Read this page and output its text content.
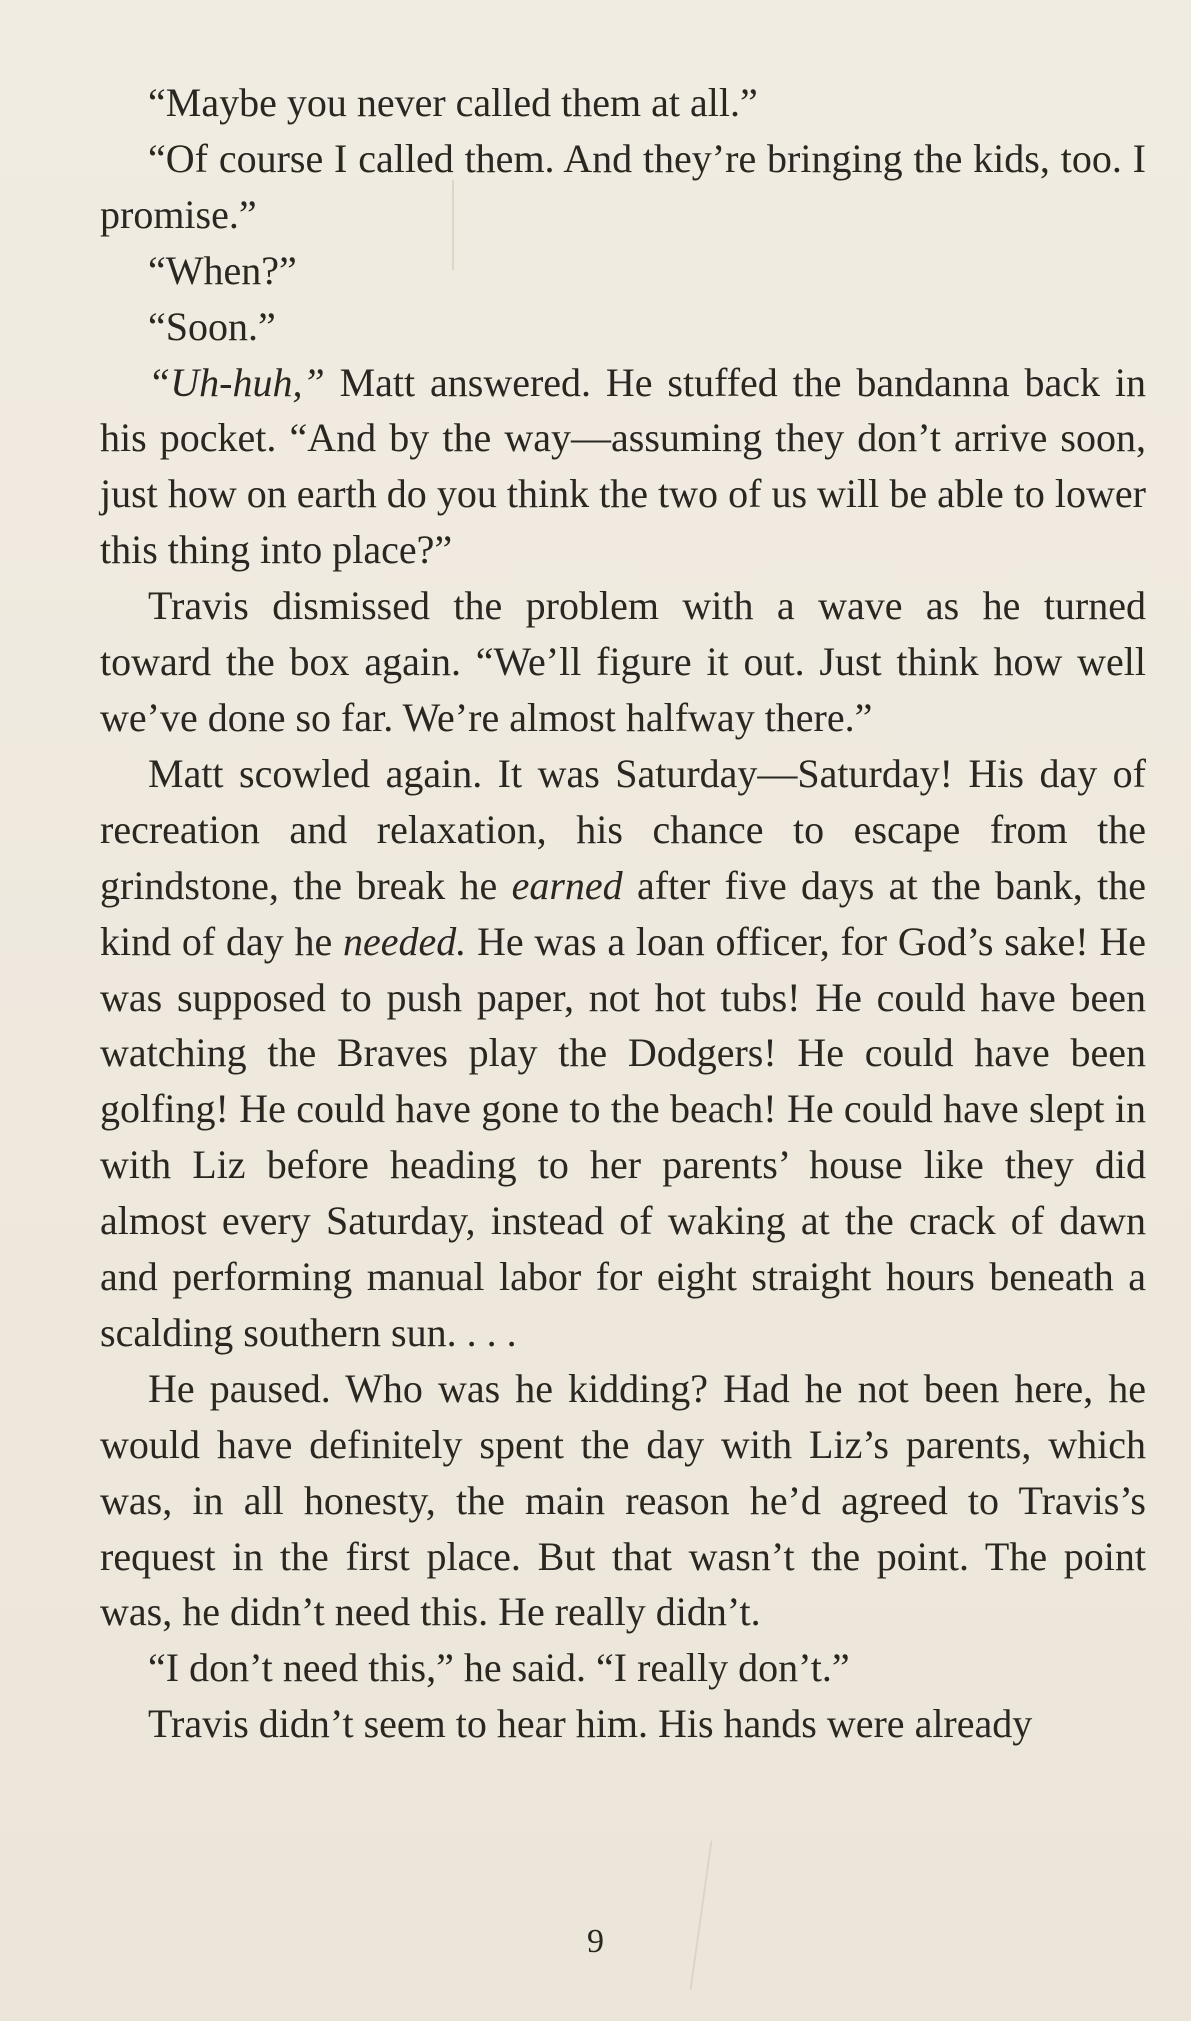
“Maybe you never called them at all.”

“Of course I called them. And they’re bringing the kids, too. I promise.”

“When?”

“Soon.”

“Uh-huh,” Matt answered. He stuffed the bandanna back in his pocket. “And by the way—assuming they don’t arrive soon, just how on earth do you think the two of us will be able to lower this thing into place?”

Travis dismissed the problem with a wave as he turned toward the box again. “We’ll figure it out. Just think how well we’ve done so far. We’re almost halfway there.”

Matt scowled again. It was Saturday—Saturday! His day of recreation and relaxation, his chance to escape from the grindstone, the break he earned after five days at the bank, the kind of day he needed. He was a loan officer, for God’s sake! He was supposed to push paper, not hot tubs! He could have been watching the Braves play the Dodgers! He could have been golfing! He could have gone to the beach! He could have slept in with Liz before heading to her parents’ house like they did almost every Saturday, instead of waking at the crack of dawn and performing manual labor for eight straight hours beneath a scalding southern sun. . . .

He paused. Who was he kidding? Had he not been here, he would have definitely spent the day with Liz’s parents, which was, in all honesty, the main reason he’d agreed to Travis’s request in the first place. But that wasn’t the point. The point was, he didn’t need this. He really didn’t.

“I don’t need this,” he said. “I really don’t.”

Travis didn’t seem to hear him. His hands were already

9
